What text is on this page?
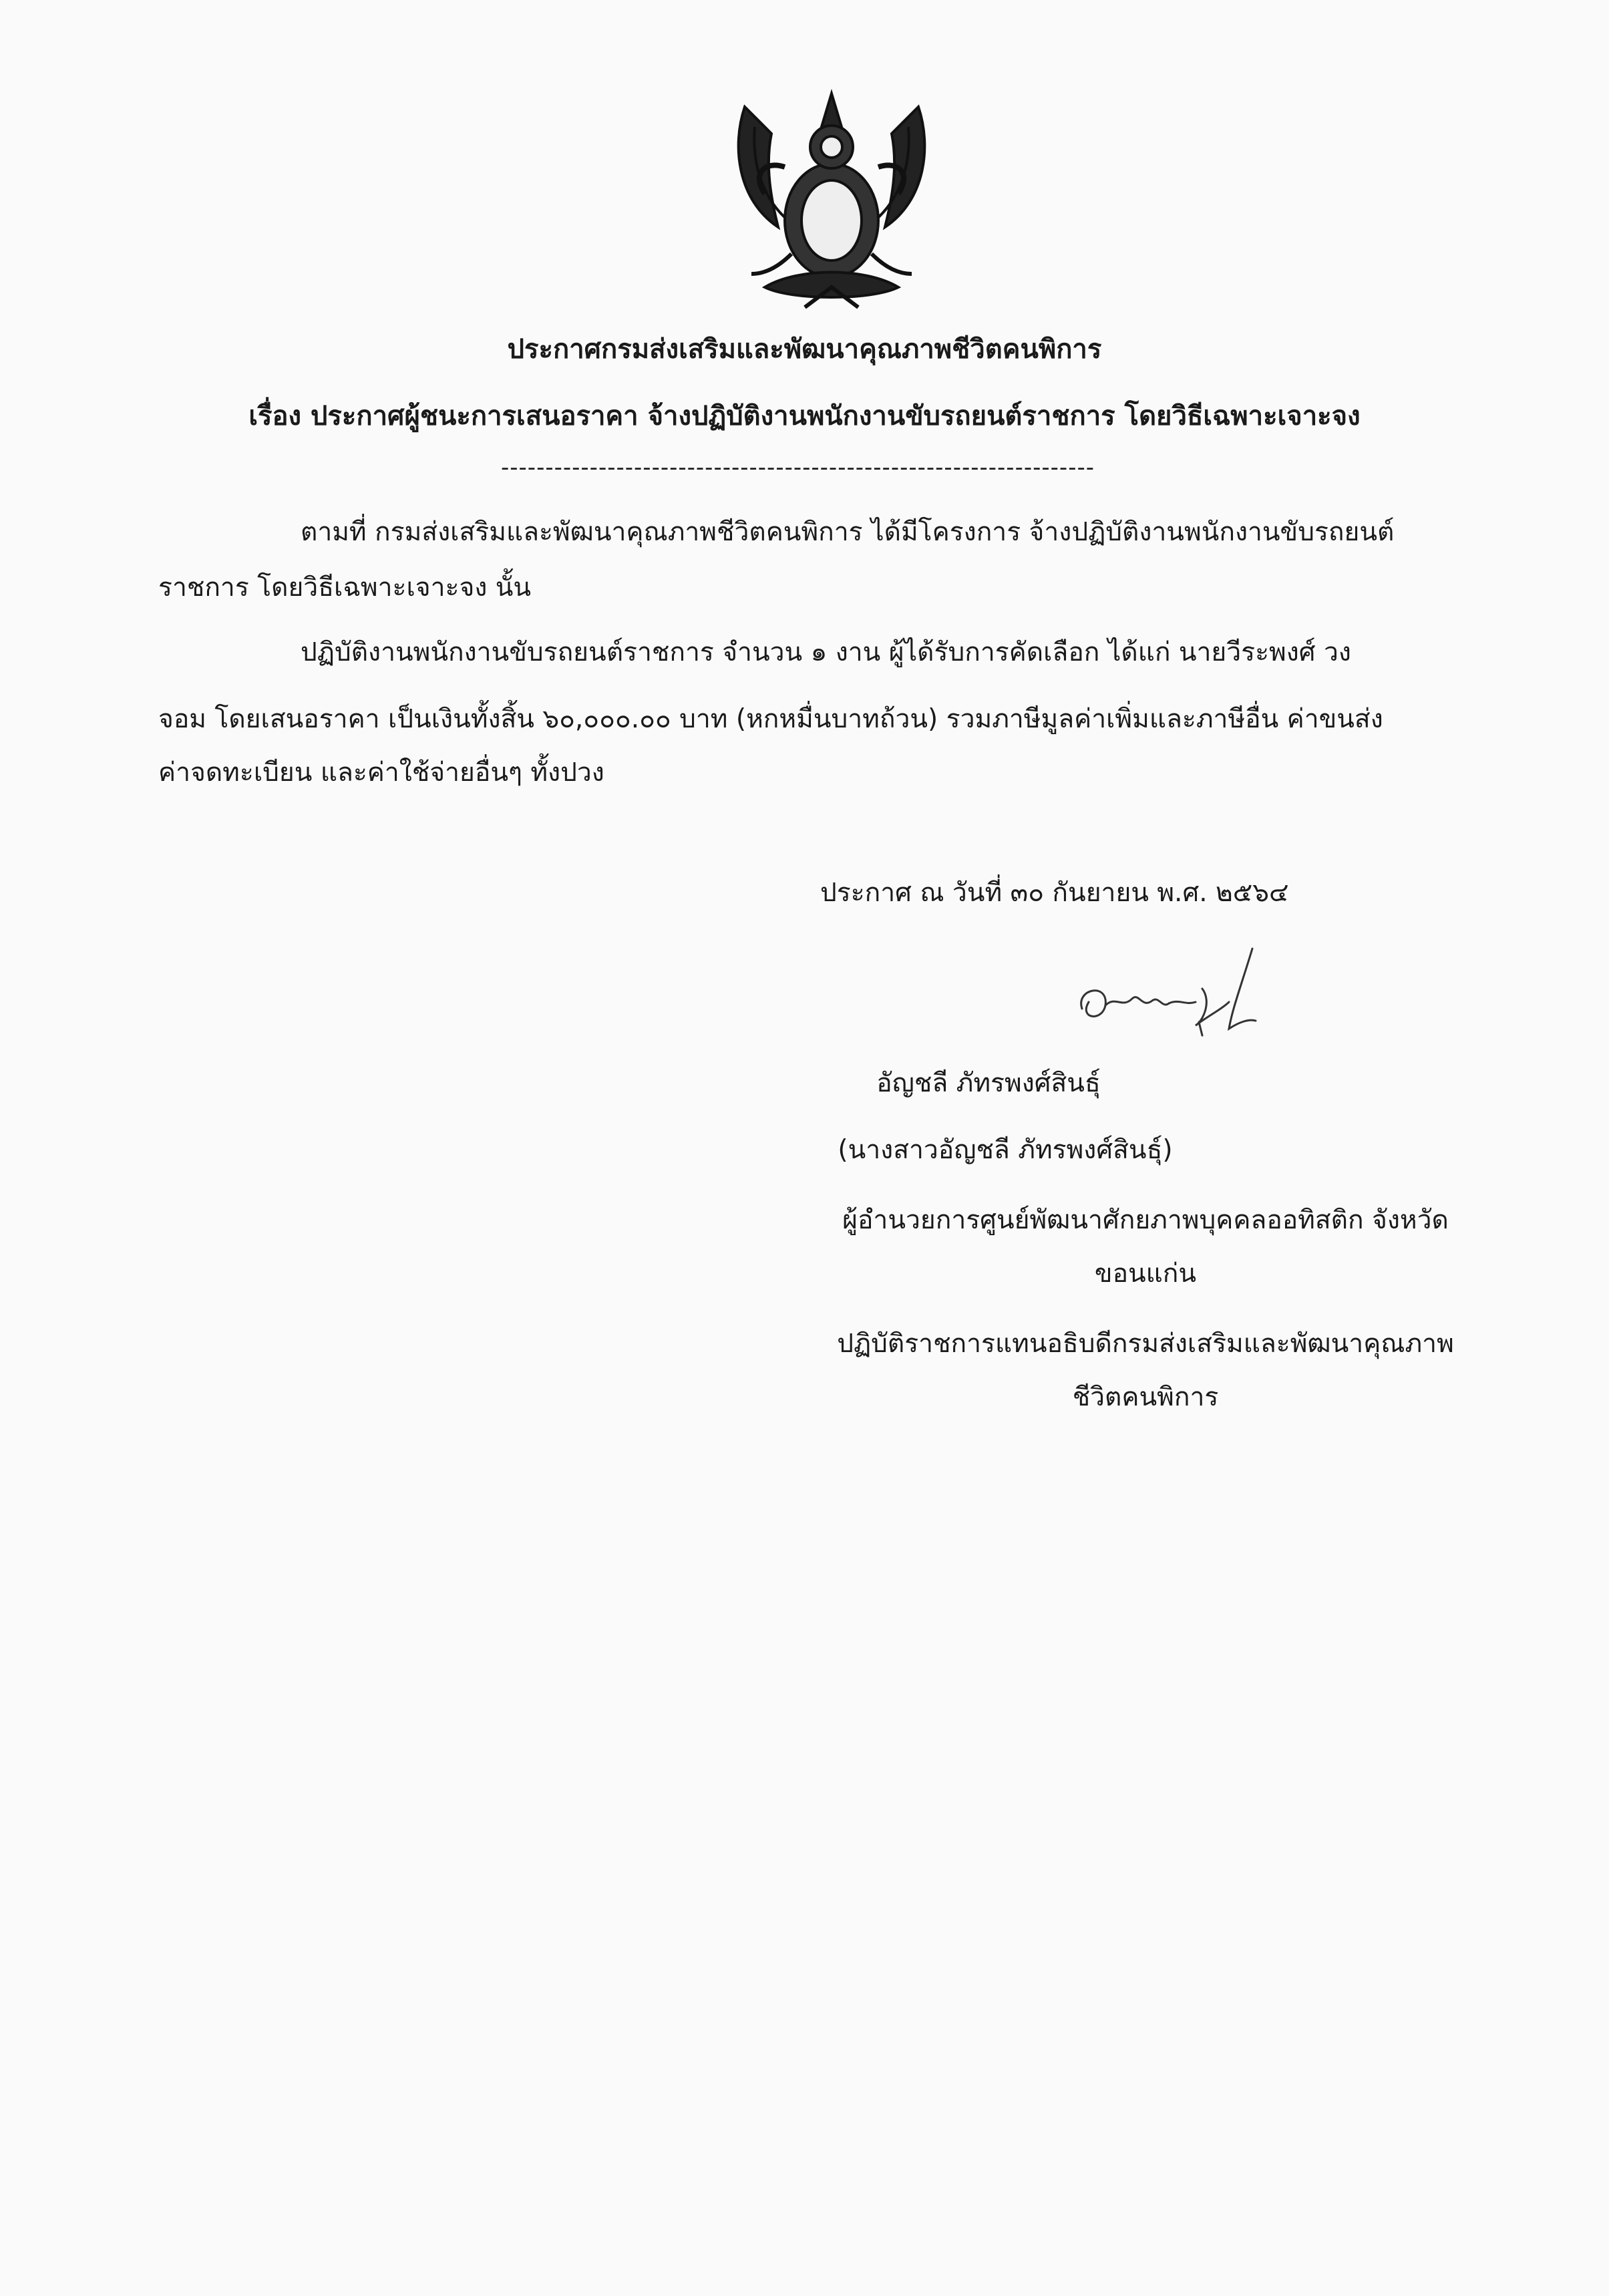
ประกาศกรมส่งเสริมและพัฒนาคุณภาพชีวิตคนพิการ
เรื่อง ประกาศผู้ชนะการเสนอราคา จ้างปฏิบัติงานพนักงานขับรถยนต์ราชการ โดยวิธีเฉพาะเจาะจง
-------------------------------------------------------------------
ตามที่ กรมส่งเสริมและพัฒนาคุณภาพชีวิตคนพิการ ได้มีโครงการ จ้างปฏิบัติงานพนักงานขับรถยนต์
ราชการ โดยวิธีเฉพาะเจาะจง นั้น
ปฏิบัติงานพนักงานขับรถยนต์ราชการ จำนวน ๑ งาน ผู้ได้รับการคัดเลือก ได้แก่ นายวีระพงศ์ วง
จอม โดยเสนอราคา เป็นเงินทั้งสิ้น ๖๐,๐๐๐.๐๐ บาท (หกหมื่นบาทถ้วน) รวมภาษีมูลค่าเพิ่มและภาษีอื่น ค่าขนส่ง
ค่าจดทะเบียน และค่าใช้จ่ายอื่นๆ ทั้งปวง
ประกาศ ณ วันที่ ๓๐ กันยายน พ.ศ. ๒๕๖๔
อัญชลี ภัทรพงศ์สินธุ์
(นางสาวอัญชลี ภัทรพงศ์สินธุ์)
ผู้อำนวยการศูนย์พัฒนาศักยภาพบุคคลออทิสติก จังหวัด
ขอนแก่น
ปฏิบัติราชการแทนอธิบดีกรมส่งเสริมและพัฒนาคุณภาพ
ชีวิตคนพิการ
